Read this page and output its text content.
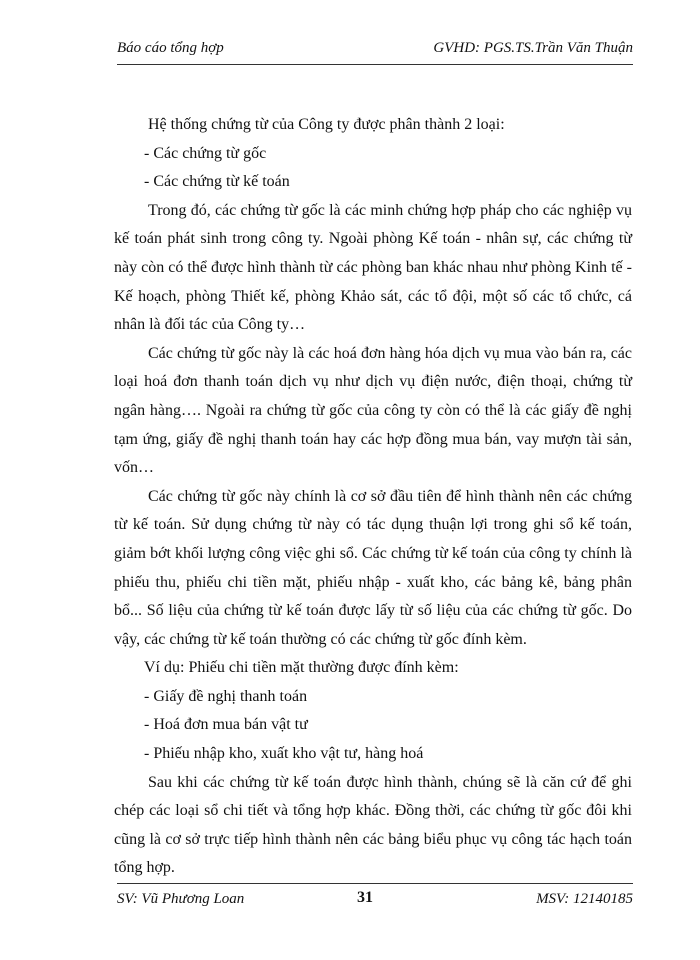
Báo cáo tổng hợp	GVHD: PGS.TS.Trần Văn Thuận

Hệ thống chứng từ của Công ty được phân thành 2 loại:

- Các chứng từ gốc

- Các chứng từ kế toán

Trong đó, các chứng từ gốc là các minh chứng hợp pháp cho các nghiệp vụ kế toán phát sinh trong công ty. Ngoài phòng Kế toán - nhân sự, các chứng từ này còn có thể được hình thành từ các phòng ban khác nhau như phòng Kinh tế - Kế hoạch, phòng Thiết kế, phòng Khảo sát, các tổ đội, một số các tổ chức, cá nhân là đối tác của Công ty…

Các chứng từ gốc này là các hoá đơn hàng hóa dịch vụ mua vào bán ra, các loại hoá đơn thanh toán dịch vụ như dịch vụ điện nước, điện thoại, chứng từ ngân hàng…. Ngoài ra chứng từ gốc của công ty còn có thể là các giấy đề nghị tạm ứng, giấy đề nghị thanh toán hay các hợp đồng mua bán, vay mượn tài sản, vốn…

Các chứng từ gốc này chính là cơ sở đầu tiên để hình thành nên các chứng từ kế toán. Sử dụng chứng từ này có tác dụng thuận lợi trong ghi sổ kế toán, giảm bớt khối lượng công việc ghi sổ. Các chứng từ kế toán của công ty chính là phiếu thu, phiếu chi tiền mặt, phiếu nhập - xuất kho, các bảng kê, bảng phân bổ... Số liệu của chứng từ kế toán được lấy từ số liệu của các chứng từ gốc. Do vậy, các chứng từ kế toán thường có các chứng từ gốc đính kèm.

Ví dụ: Phiếu chi tiền mặt thường được đính kèm:

- Giấy đề nghị thanh toán

- Hoá đơn mua bán vật tư

- Phiếu nhập kho, xuất kho vật tư, hàng hoá

Sau khi các chứng từ kế toán được hình thành, chúng sẽ là căn cứ để ghi chép các loại sổ chi tiết và tổng hợp khác. Đồng thời, các chứng từ gốc đôi khi cũng là cơ sở trực tiếp hình thành nên các bảng biểu phục vụ công tác hạch toán tổng hợp.

SV: Vũ Phương Loan	31	MSV: 12140185
